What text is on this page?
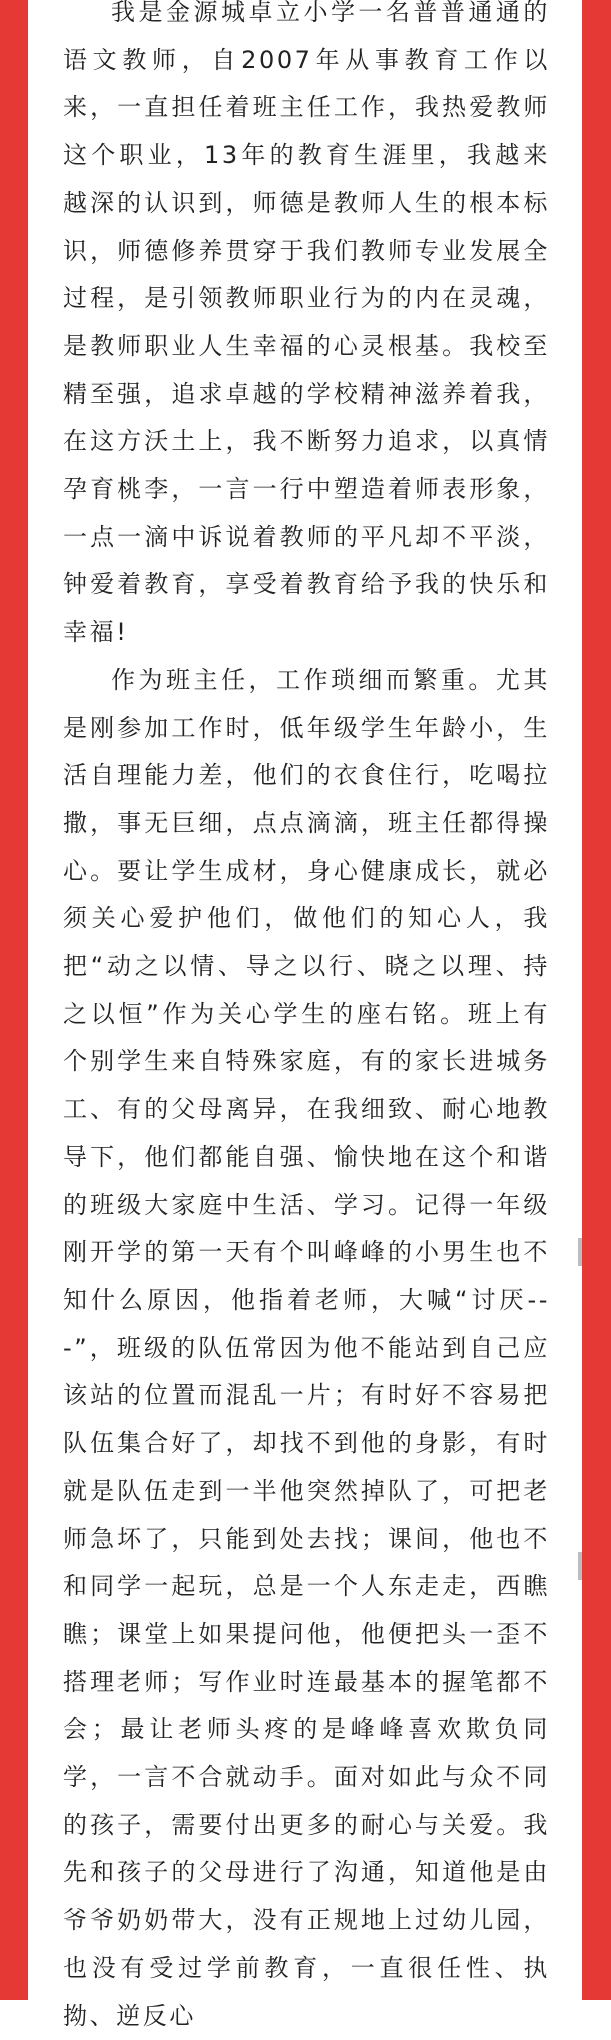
我是金源城卓立小学一名普普通通的语文教师，自2007年从事教育工作以来，一直担任着班主任工作，我热爱教师这个职业，13年的教育生涯里，我越来越深的认识到，师德是教师人生的根本标识，师德修养贯穿于我们教师专业发展全过程，是引领教师职业行为的内在灵魂，是教师职业人生幸福的心灵根基。我校至精至强，追求卓越的学校精神滋养着我，在这方沃土上，我不断努力追求，以真情孕育桃李，一言一行中塑造着师表形象，一点一滴中诉说着教师的平凡却不平淡，钟爱着教育，享受着教育给予我的快乐和幸福!

作为班主任，工作琐细而繁重。尤其是刚参加工作时，低年级学生年龄小，生活自理能力差，他们的衣食住行，吃喝拉撒，事无巨细，点点滴滴，班主任都得操心。要让学生成材，身心健康成长，就必须关心爱护他们，做他们的知心人，我把“动之以情、导之以行、晓之以理、持之以恒”作为关心学生的座右铭。班上有个别学生来自特殊家庭，有的家长进城务工、有的父母离异，在我细致、耐心地教导下，他们都能自强、愉快地在这个和谐的班级大家庭中生活、学习。记得一年级刚开学的第一天有个叫峰峰的小男生也不知什么原因，他指着老师，大喊“讨厌---”，班级的队伍常因为他不能站到自己应该站的位置而混乱一片；有时好不容易把队伍集合好了，却找不到他的身影，有时就是队伍走到一半他突然掉队了，可把老师急坏了，只能到处去找；课间，他也不和同学一起玩，总是一个人东走走，西瞧瞧；课堂上如果提问他，他便把头一歪不搭理老师；写作业时连最基本的握笔都不会；最让老师头疼的是峰峰喜欢欺负同学，一言不合就动手。面对如此与众不同的孩子，需要付出更多的耐心与关爱。我先和孩子的父母进行了沟通，知道他是由爷爷奶奶带大，没有正规地上过幼儿园，也没有受过学前教育，一直很任性、执拗、逆反心
